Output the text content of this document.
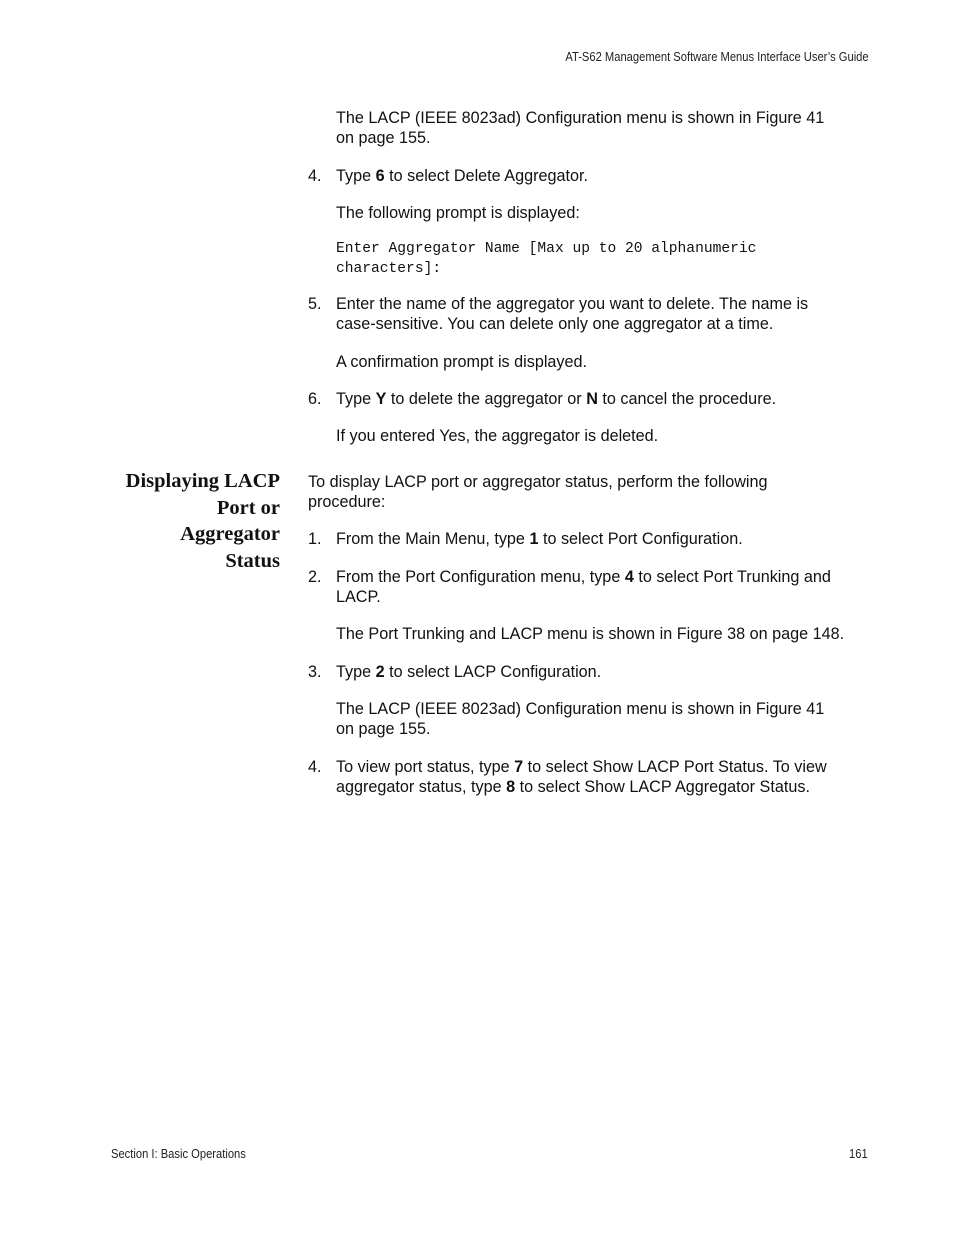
AT-S62 Management Software Menus Interface User’s Guide

The LACP (IEEE 8023ad) Configuration menu is shown in Figure 41

on page 155.

4. Type 6 to select Delete Aggregator.

The following prompt is displayed:

Enter Aggregator Name [Max up to 20 alphanumeric
characters]:
5. Enter the name of the aggregator you want to delete. The name is

case-sensitive. You can delete only one aggregator at a time.

A confirmation prompt is displayed.

6. Type Y to delete the aggregator or N to cancel the procedure.

If you entered Yes, the aggregator is deleted.

Displaying LACP
Port or
Aggregator
Status

To display LACP port or aggregator status, perform the following

procedure:

1. From the Main Menu, type 1 to select Port Configuration.

2. From the Port Configuration menu, type 4 to select Port Trunking and

LACP.

The Port Trunking and LACP menu is shown in Figure 38 on page 148.

3. Type 2 to select LACP Configuration.

The LACP (IEEE 8023ad) Configuration menu is shown in Figure 41

on page 155.

4. To view port status, type 7 to select Show LACP Port Status. To view

aggregator status, type 8 to select Show LACP Aggregator Status.

Section I: Basic Operations	161
